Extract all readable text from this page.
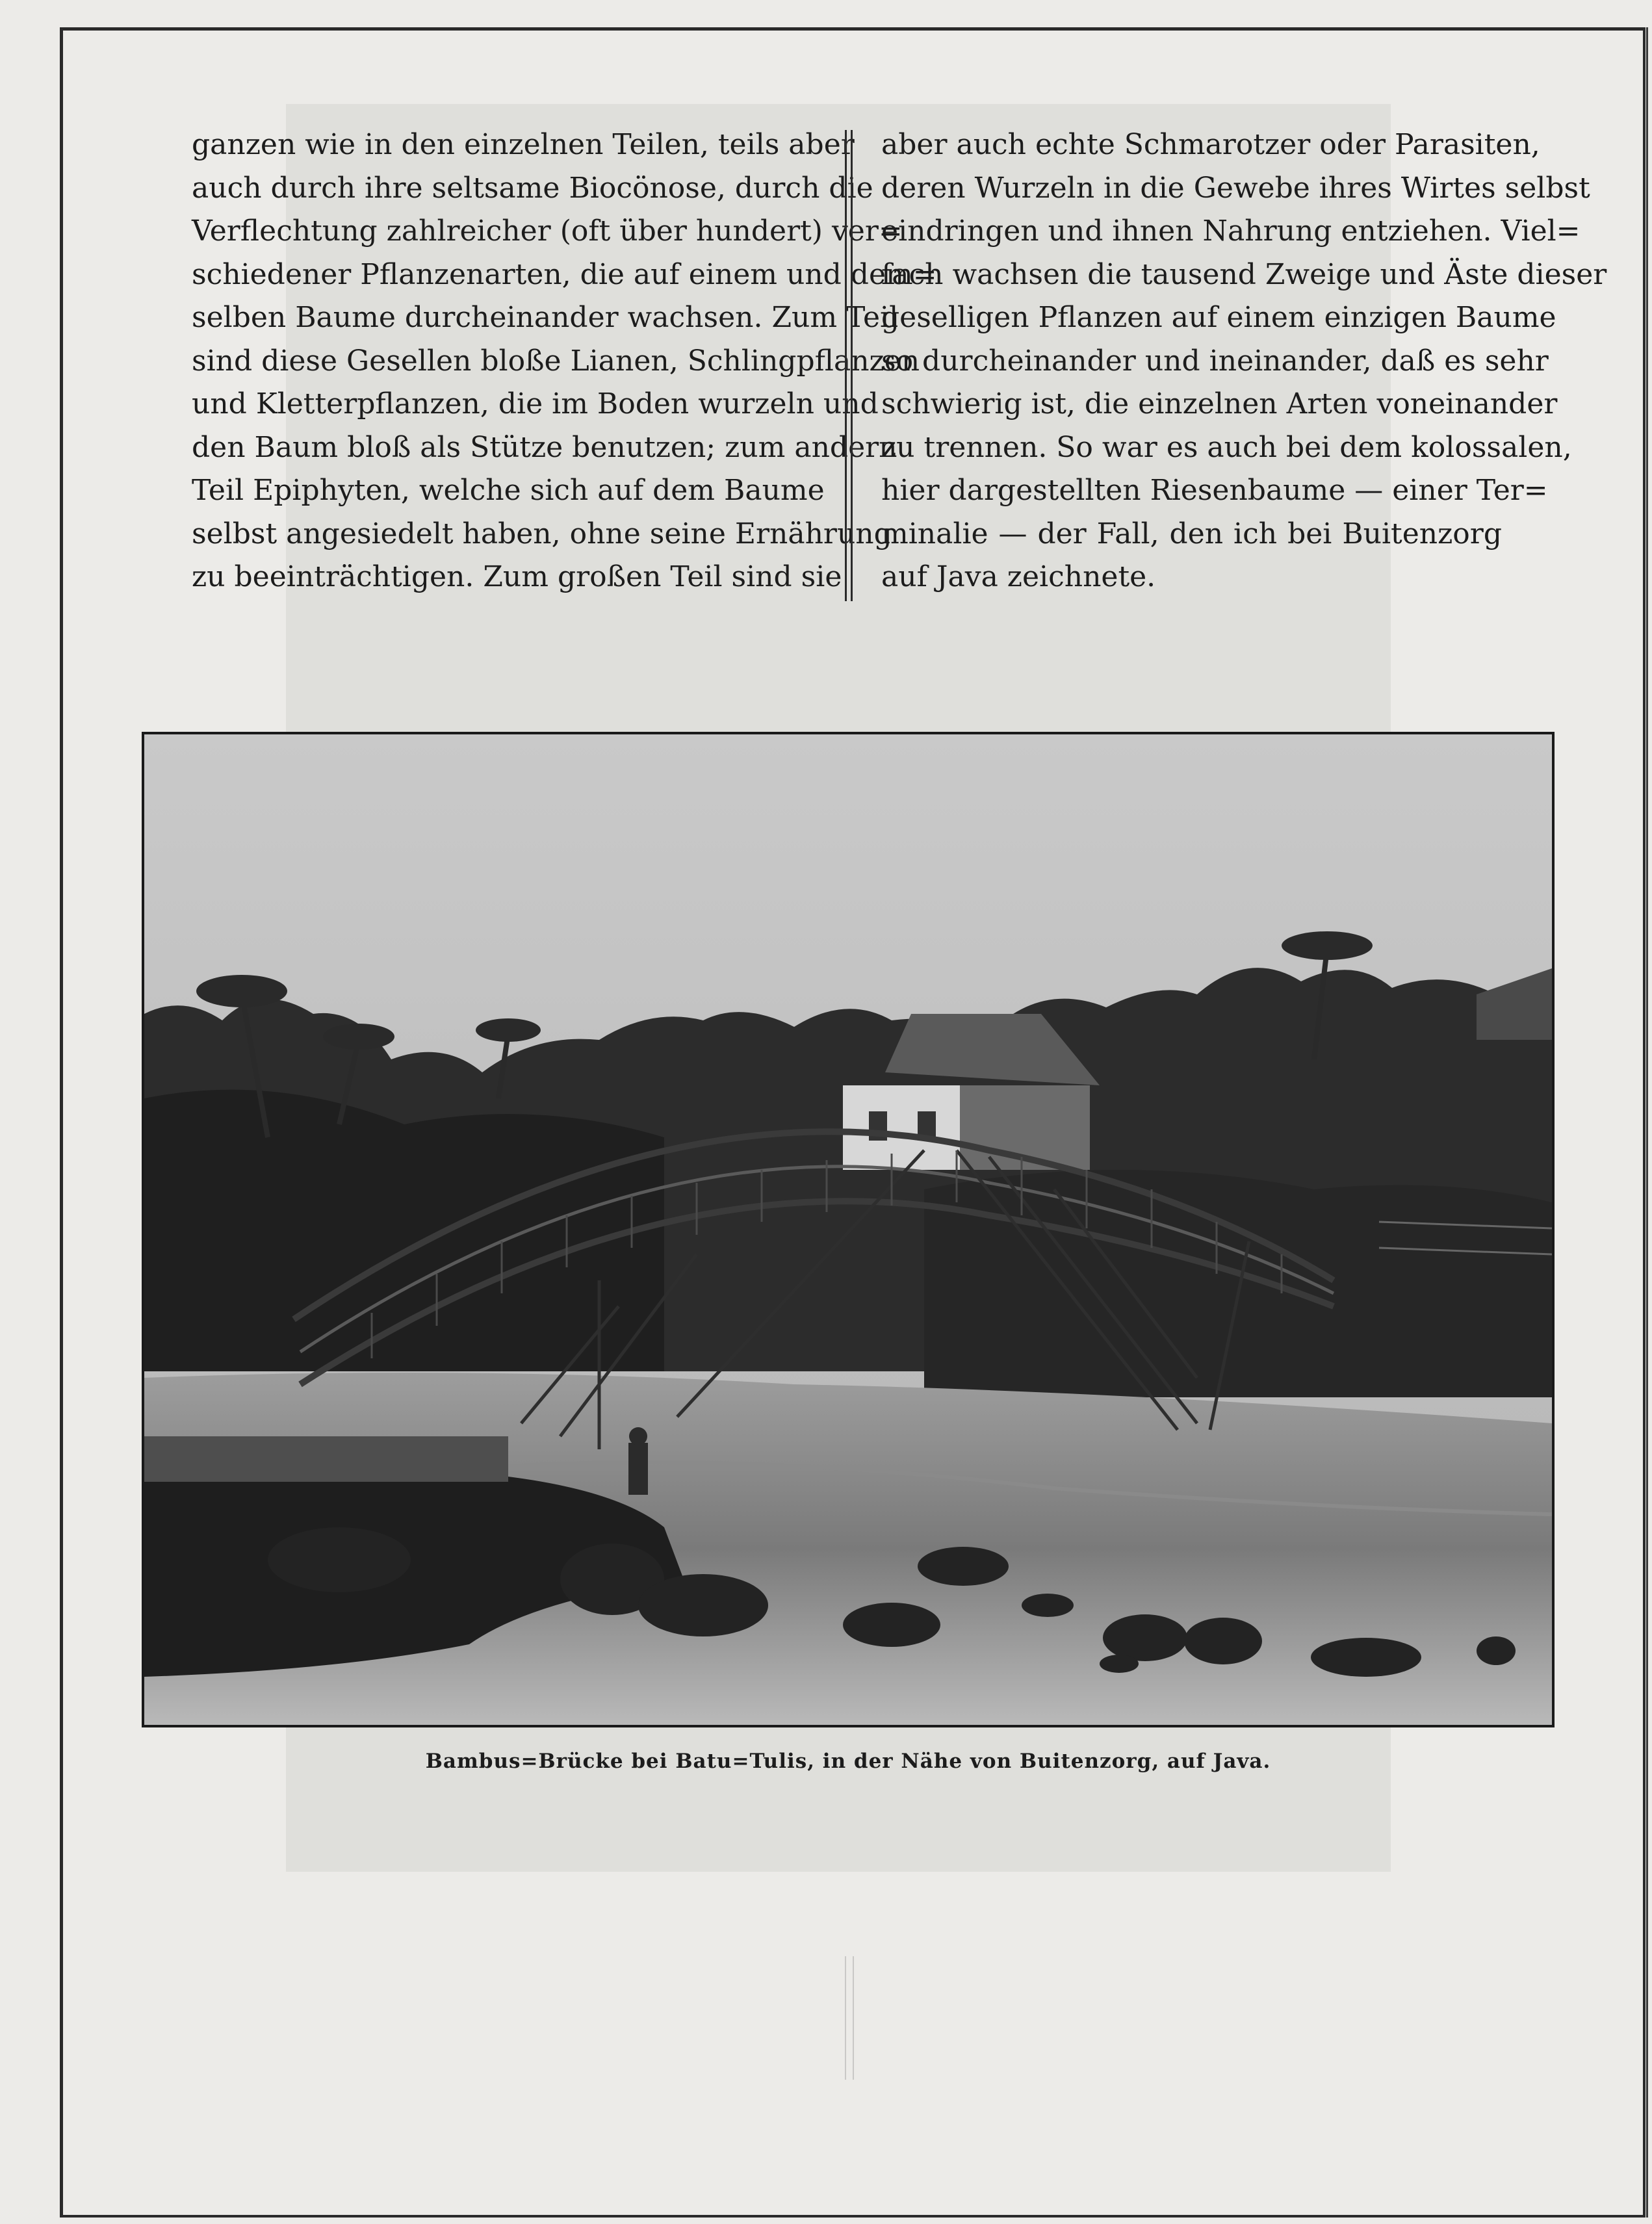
ganzen wie in den einzelnen Teilen, teils aber
auch durch ihre seltsame Biocönose, durch die
Verflechtung zahlreicher (oft über hundert) ver=
schiedener Pflanzenarten, die auf einem und dem=
selben Baume durcheinander wachsen. Zum Teil
sind diese Gesellen bloße Lianen, Schlingpflanzen
und Kletterpflanzen, die im Boden wurzeln und
den Baum bloß als Stütze benutzen; zum andern
Teil Epiphyten, welche sich auf dem Baume
selbst angesiedelt haben, ohne seine Ernährung
zu beeinträchtigen. Zum großen Teil sind sie
aber auch echte Schmarotzer oder Parasiten,
deren Wurzeln in die Gewebe ihres Wirtes selbst
eindringen und ihnen Nahrung entziehen. Viel=
fach wachsen die tausend Zweige und Äste dieser
geselligen Pflanzen auf einem einzigen Baume
so durcheinander und ineinander, daß es sehr
schwierig ist, die einzelnen Arten voneinander
zu trennen. So war es auch bei dem kolossalen,
hier dargestellten Riesenbaume — einer Ter=
minalie — der Fall, den ich bei Buitenzorg
auf Java zeichnete.
Bambus=Brücke bei Batu=Tulis, in der Nähe von Buitenzorg, auf Java.
